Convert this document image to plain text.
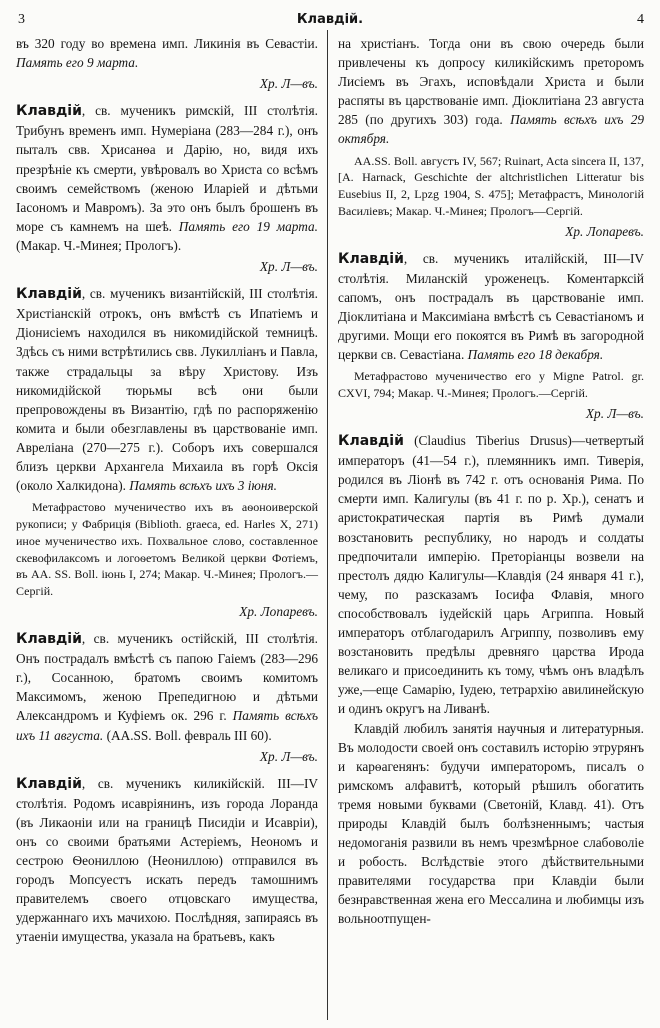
3	Клавдій.	4

въ 320 году во времена имп. Ликинія въ Севастіи. Память его 9 марта.

Хр. Л—въ.

Клавдій, св. мученикъ римскій, III столѣтія. Трибунъ временъ имп. Нумеріана (283—284 г.), онъ пыталъ свв. Хрисанѳа и Дарію, но, видя ихъ презрѣніе къ смерти, увѣровалъ во Христа со всѣмъ своимъ семействомъ (женою Иларіей и дѣтьми Іасономъ и Мавромъ). За это онъ былъ брошенъ въ море съ камнемъ на шеѣ. Память его 19 марта. (Макар. Ч.-Минея; Прологъ).

Хр. Л—въ.

Клавдій, св. мученикъ византійскій, III столѣтія. Христіанскій отрокъ, онъ вмѣстѣ съ Ипатіемъ и Діонисіемъ находился въ никомидійской темницѣ. Здѣсь съ ними встрѣтились свв. Лукилліанъ и Павла, также страдальцы за вѣру Христову. Изъ никомидійской тюрьмы всѣ они были препровождены въ Византію, гдѣ по распоряженію комита и были обезглавлены въ царствованіе имп. Авреліана (270—275 г.). Соборъ ихъ совершался близъ церкви Архангела Михаила въ горѣ Оксія (около Халкидона). Память всѣхъ ихъ 3 іюня.

Метафрастово мученичество ихъ въ аѳоноиверской рукописи; у Фабриція (Biblioth. graeca, ed. Harles X, 271) иное мученичество ихъ. Похвальное слово, составленное скевофилаксомъ и логоѳетомъ Великой церкви Фотіемъ, въ AA. SS. Boll. іюнь I, 274; Макар. Ч.-Минея; Прологъ.—Сергій.

Хр. Лопаревъ.

Клавдій, св. мученикъ остійскій, III столѣтія. Онъ пострадалъ вмѣстѣ съ папою Гаіемъ (283—296 г.), Сосанною, братомъ своимъ комитомъ Максимомъ, женою Препедигною и дѣтьми Александромъ и Куфіемъ ок. 296 г. Память всѣхъ ихъ 11 августа. (AA.SS. Boll. февраль III 60).

Хр. Л—въ.

Клавдій, св. мученикъ киликійскій. III—IV столѣтія. Родомъ исавріянинъ, изъ города Лоранда (въ Ликаоніи или на границѣ Писидіи и Исавріи), онъ со своими братьями Астеріемъ, Неономъ и сестрою Ѳеониллою (Неониллою) отправился въ городъ Мопсуестъ искать передъ тамошнимъ правителемъ своего отцовскаго имущества, удержаннаго ихъ мачихою. Послѣдняя, запираясь въ утаеніи имущества, указала на братьевъ, какъ

на христіанъ. Тогда они въ свою очередь были привлечены къ допросу киликійскимъ преторомъ Лисіемъ въ Эгахъ, исповѣдали Христа и были распяты въ царствованіе имп. Діоклитіана 23 августа 285 (по другихъ 303) года. Память всѣхъ ихъ 29 октября.

AA.SS. Boll. августъ IV, 567; Ruinart, Acta sincera II, 137, [A. Harnack, Geschichte der altchristlichen Litteratur bis Eusebius II, 2, Lpzg 1904, S. 475]; Метафрастъ, Минологій Василіевъ; Макар. Ч.-Минея; Прологъ—Сергій.

Хр. Лопаревъ.

Клавдій, св. мученикъ италійскій, III—IV столѣтія. Миланскій уроженецъ. Коментарксій сапомъ, онъ пострадалъ въ царствованіе имп. Діоклитіана и Максиміана вмѣстѣ съ Севастіаномъ и другими. Мощи его покоятся въ Римѣ въ загородной церкви св. Севастіана. Память его 18 декабря.

Метафрастово мученичество его у Migne Patrol. gr. CXVI, 794; Макар. Ч.-Минея; Прологъ.—Сергій.

Хр. Л—въ.

Клавдій (Claudius Tiberius Drusus)—четвертый императоръ (41—54 г.), племянникъ имп. Тиверія, родился въ Ліонѣ въ 742 г. отъ основанія Рима. По смерти имп. Калигулы (въ 41 г. по р. Хр.), сенатъ и аристократическая партія въ Римѣ думали возстановить республику, но народъ и солдаты предпочитали имперію. Преторіанцы возвели на престолъ дядю Калигулы—Клавдія (24 января 41 г.), чему, по разсказамъ Іосифа Флавія, много способствовалъ іудейскій царь Агриппа. Новый императоръ отблагодарилъ Агриппу, позволивъ ему возстановить предѣлы древняго царства Ирода великаго и присоединить къ тому, чѣмъ онъ владѣлъ уже,—еще Самарію, Іудею, тетрархію авилинейскую и одинъ округъ на Ливанѣ.

Клавдій любилъ занятія научныя и литературныя. Въ молодости своей онъ составилъ исторію этрурянъ и карѳагенянъ: будучи императоромъ, писалъ о римскомъ алфавитѣ, который рѣшилъ обогатить тремя новыми буквами (Светоній, Клавд. 41). Отъ природы Клавдій былъ болѣзненнымъ; частыя недомоганія развили въ немъ чрезмѣрное слабоволіе и робость. Вслѣдствіе этого дѣйствительными правителями государства при Клавдіи были безнравственная жена его Мессалина и любимцы изъ вольноотпущен-
